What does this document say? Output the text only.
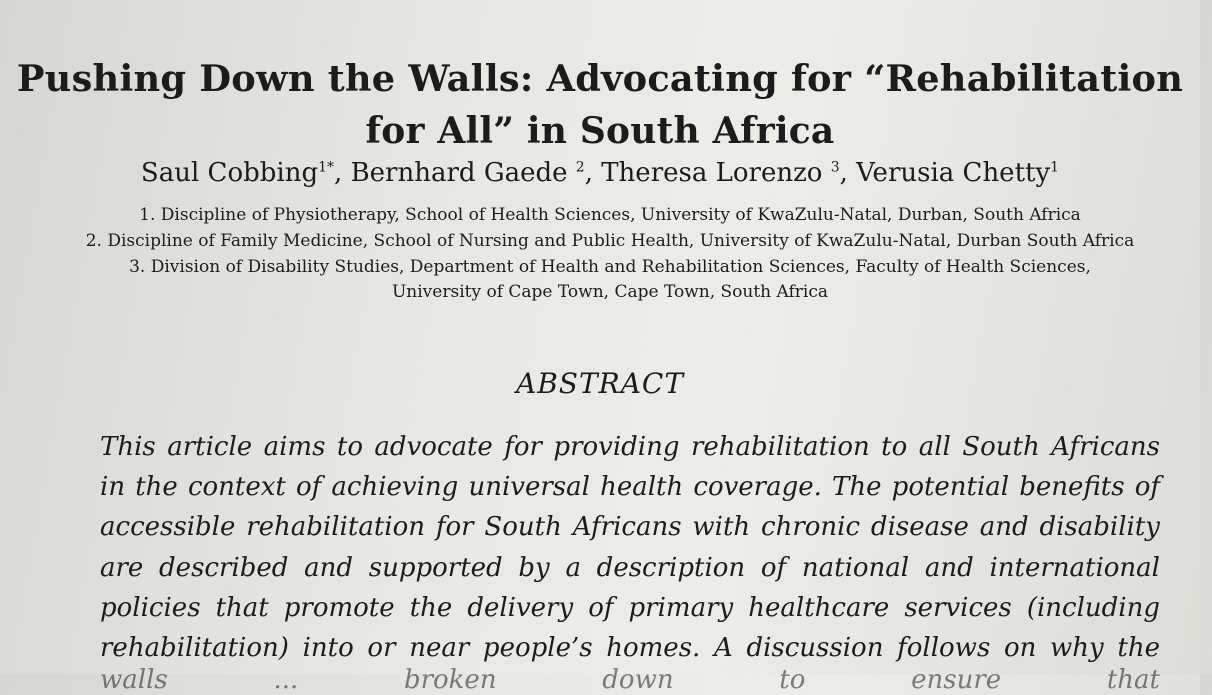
Pushing Down the Walls: Advocating for “Rehabilitation
for All” in South Africa
Saul Cobbing$^{1*}$, Bernhard Gaede $^2$, Theresa Lorenzo $^3$, Verusia Chetty$^1$
1. Discipline of Physiotherapy, School of Health Sciences, University of KwaZulu-Natal, Durban, South Africa
2. Discipline of Family Medicine, School of Nursing and Public Health, University of KwaZulu-Natal, Durban South Africa
3. Division of Disability Studies, Department of Health and Rehabilitation Sciences, Faculty of Health Sciences,
University of Cape Town, Cape Town, South Africa
ABSTRACT
This article aims to advocate for providing rehabilitation to all South Africans
in the context of achieving universal health coverage. The potential benefits of
accessible rehabilitation for South Africans with chronic disease and disability
are described and supported by a description of national and international
policies that promote the delivery of primary healthcare services (including
rehabilitation) into or near people’s homes. A discussion follows on why the
walls ... broken down to ensure that
